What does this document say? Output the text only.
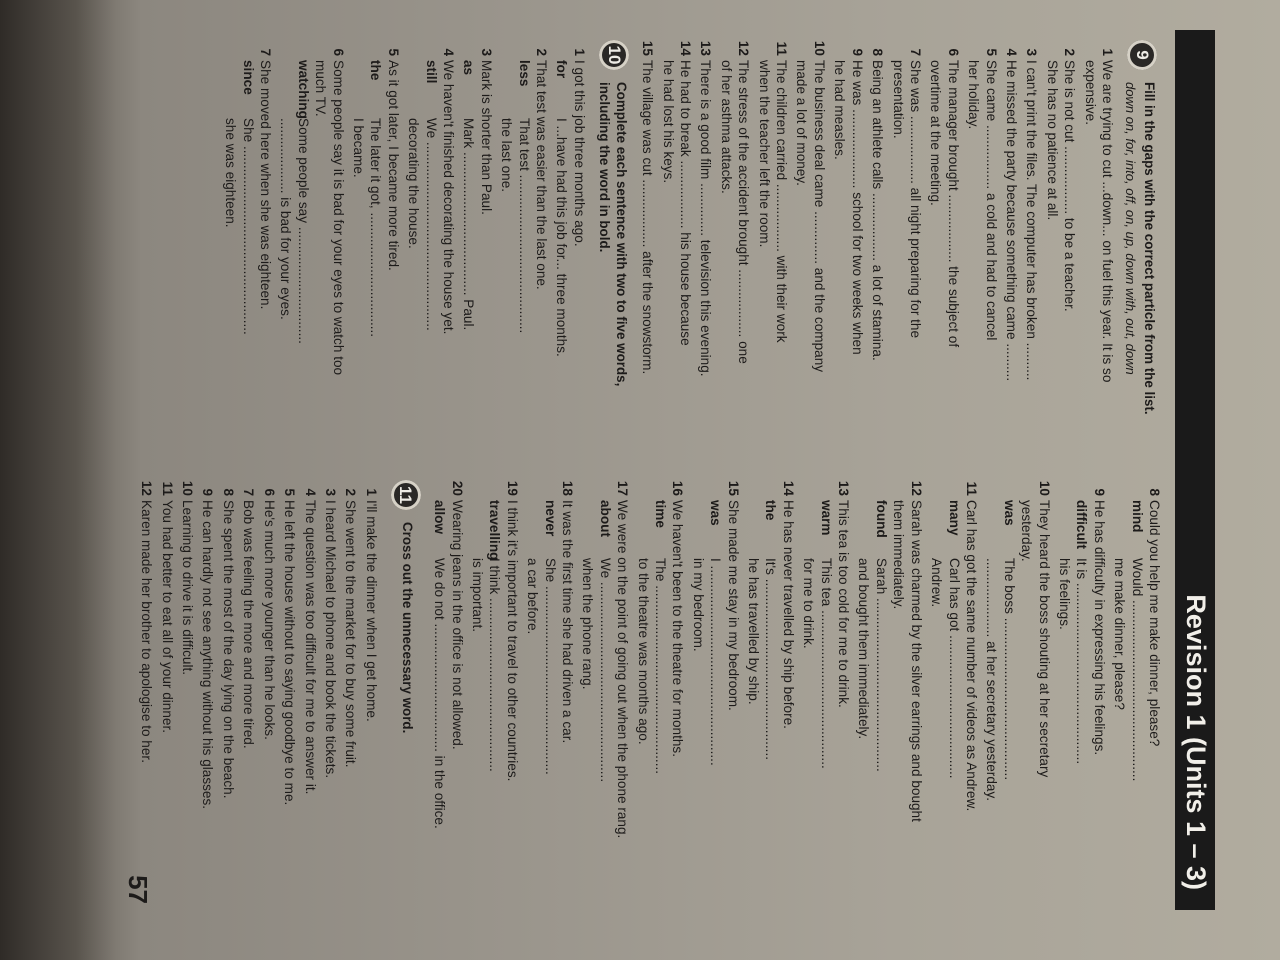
Revision 1 (Units 1 – 3)
9
Fill in the gaps with the correct particle from the list.
down on, for, into, off, on, up, down with, out, down
1
We are trying to cut ...down... on fuel this year. It is so
expensive.
2
She is not cut .................. to be a teacher.
She has no patience at all.
3
I can't print the files. The computer has broken ..........
4
He missed the party because something came ..........
5
She came ................. a cold and had to cancel
her holiday.
6
The manager brought .................. the subject of
overtime at the meeting.
7
She was .................. all night preparing for the
presentation.
8
Being an athlete calls .................. a lot of stamina.
9
He was ..................... school for two weeks when
he had measles.
10
The business deal came .............. and the company
made a lot of money.
11
The children carried .................. with their work
when the teacher left the room.
12
The stress of the accident brought .................. one
of her asthma attacks.
13
There is a good film .............. television this evening.
14
He had to break .................. his house because
he had lost his keys.
15
The village was cut .................. after the snowstorm.
10
Complete each sentence with two to five words, including the word in bold.
1
I got this job three months ago.
for
I ...have had this job for... three months.
2
That test was easier than the last one.
less
That test ..........................................
the last one.
3
Mark is shorter than Paul.
as
Mark ...................................... Paul.
4
We haven't finished decorating the house yet.
still
We ..................................................
decorating the house.
5
As it got later, I became more tired.
the
The later it got, .................................
I became.
6
Some people say it is bad for your eyes to watch too
much TV.
watching
Some people say ...............................
.................... is bad for your eyes.
7
She moved here when she was eighteen.
since
She ..................................................
she was eighteen.
8
Could you help me make dinner, please?
mind
Would ................................................
me make dinner, please?
9
He has difficulty in expressing his feelings.
difficult
It is ................................................
his feelings.
10
They heard the boss shouting at her secretary
yesterday.
was
The boss ...........................................
..................... at her secretary yesterday.
11
Carl has got the same number of videos as Andrew.
many
Carl has got ......................................
Andrew.
12
Sarah was charmed by the silver earrings and bought
them immediately.
found
Sarah ..............................................
and bought them immediately.
13
This tea is too cold for me to drink.
warm
This tea ..........................................
for me to drink.
14
He has never travelled by ship before.
the
It's ................................................
he has travelled by ship.
15
She made me stay in my bedroom.
was
I .....................................................
in my bedroom.
16
We haven't been to the theatre for months.
time
The ..................................................
to the theatre was months ago.
17
We were on the point of going out when the phone rang.
about
We .....................................................
when the phone rang.
18
It was the first time she had driven a car.
never
She ..................................................
a car before.
19
I think it's important to travel to other countries.
travelling
I think ..............................................
is important.
20
Wearing jeans in the office is not allowed.
allow
We do not .................................. in the office.
11
Cross out the unnecessary word.
1
I'll make the dinner when I get home.
2
She went to the market for to buy some fruit.
3
I heard Michael to phone and book the tickets.
4
The question was too difficult for me to answer it.
5
He left the house without to saying goodbye to me.
6
He's much more younger than he looks.
7
Bob was feeling the more and more tired.
8
She spent the most of the day lying on the beach.
9
He can hardly not see anything without his glasses.
10
Learning to drive it is difficult.
11
You had better to eat all of your dinner.
12
Karen made her brother to apologise to her.
57
